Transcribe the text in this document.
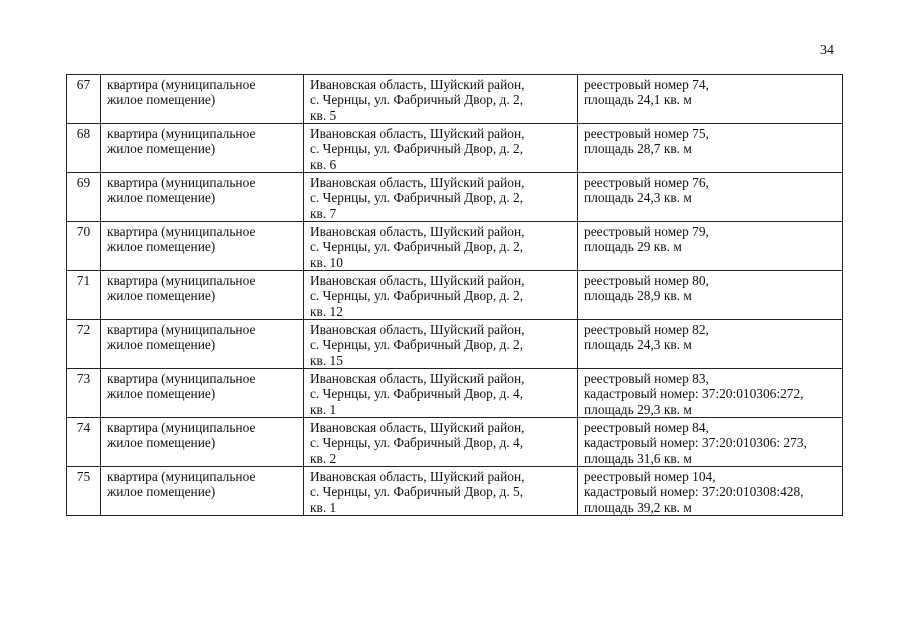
34
67	квартира (муниципальное
жилое помещение)	Ивановская область, Шуйский район,
с. Чернцы, ул. Фабричный Двор, д. 2,
кв. 5	реестровый номер 74,
площадь 24,1 кв. м

68	квартира (муниципальное
жилое помещение)	Ивановская область, Шуйский район,
с. Чернцы, ул. Фабричный Двор, д. 2,
кв. 6	реестровый номер 75,
площадь 28,7 кв. м

69	квартира (муниципальное
жилое помещение)	Ивановская область, Шуйский район,
с. Чернцы, ул. Фабричный Двор, д. 2,
кв. 7	реестровый номер 76,
площадь 24,3 кв. м

70	квартира (муниципальное
жилое помещение)	Ивановская область, Шуйский район,
с. Чернцы, ул. Фабричный Двор, д. 2,
кв. 10	реестровый номер 79,
площадь 29 кв. м

71	квартира (муниципальное
жилое помещение)	Ивановская область, Шуйский район,
с. Чернцы, ул. Фабричный Двор, д. 2,
кв. 12	реестровый номер 80,
площадь 28,9 кв. м

72	квартира (муниципальное
жилое помещение)	Ивановская область, Шуйский район,
с. Чернцы, ул. Фабричный Двор, д. 2,
кв. 15	реестровый номер 82,
площадь 24,3 кв. м

73	квартира (муниципальное
жилое помещение)	Ивановская область, Шуйский район,
с. Чернцы, ул. Фабричный Двор, д. 4,
кв. 1	реестровый номер 83,
кадастровый номер: 37:20:010306:272,
площадь 29,3 кв. м

74	квартира (муниципальное
жилое помещение)	Ивановская область, Шуйский район,
с. Чернцы, ул. Фабричный Двор, д. 4,
кв. 2	реестровый номер 84,
кадастровый номер: 37:20:010306: 273,
площадь 31,6 кв. м

75	квартира (муниципальное
жилое помещение)	Ивановская область, Шуйский район,
с. Чернцы, ул. Фабричный Двор, д. 5,
кв. 1	реестровый номер 104,
кадастровый номер: 37:20:010308:428,
площадь 39,2 кв. м
